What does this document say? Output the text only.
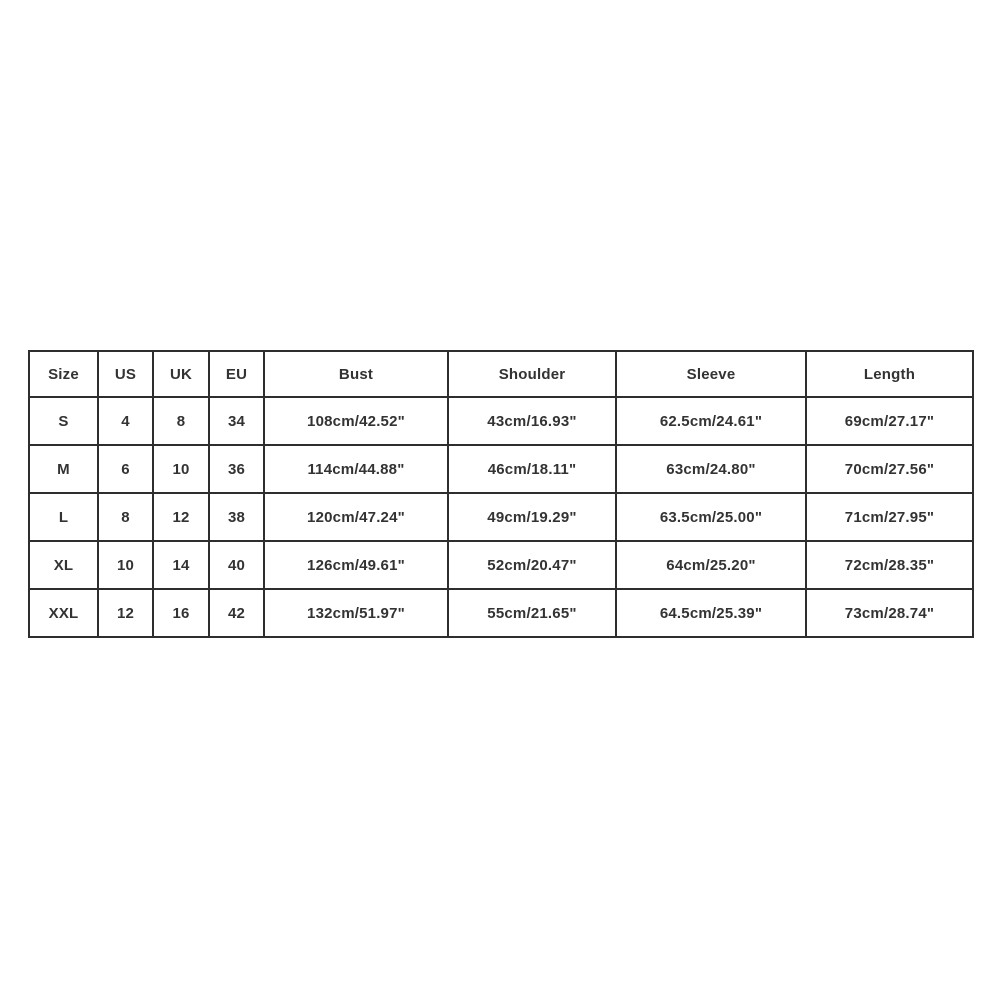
Size	US	UK	EU	Bust	Shoulder	Sleeve	Length
S	4	8	34	108cm/42.52"	43cm/16.93"	62.5cm/24.61"	69cm/27.17"
M	6	10	36	114cm/44.88"	46cm/18.11"	63cm/24.80"	70cm/27.56"
L	8	12	38	120cm/47.24"	49cm/19.29"	63.5cm/25.00"	71cm/27.95"
XL	10	14	40	126cm/49.61"	52cm/20.47"	64cm/25.20"	72cm/28.35"
XXL	12	16	42	132cm/51.97"	55cm/21.65"	64.5cm/25.39"	73cm/28.74"
